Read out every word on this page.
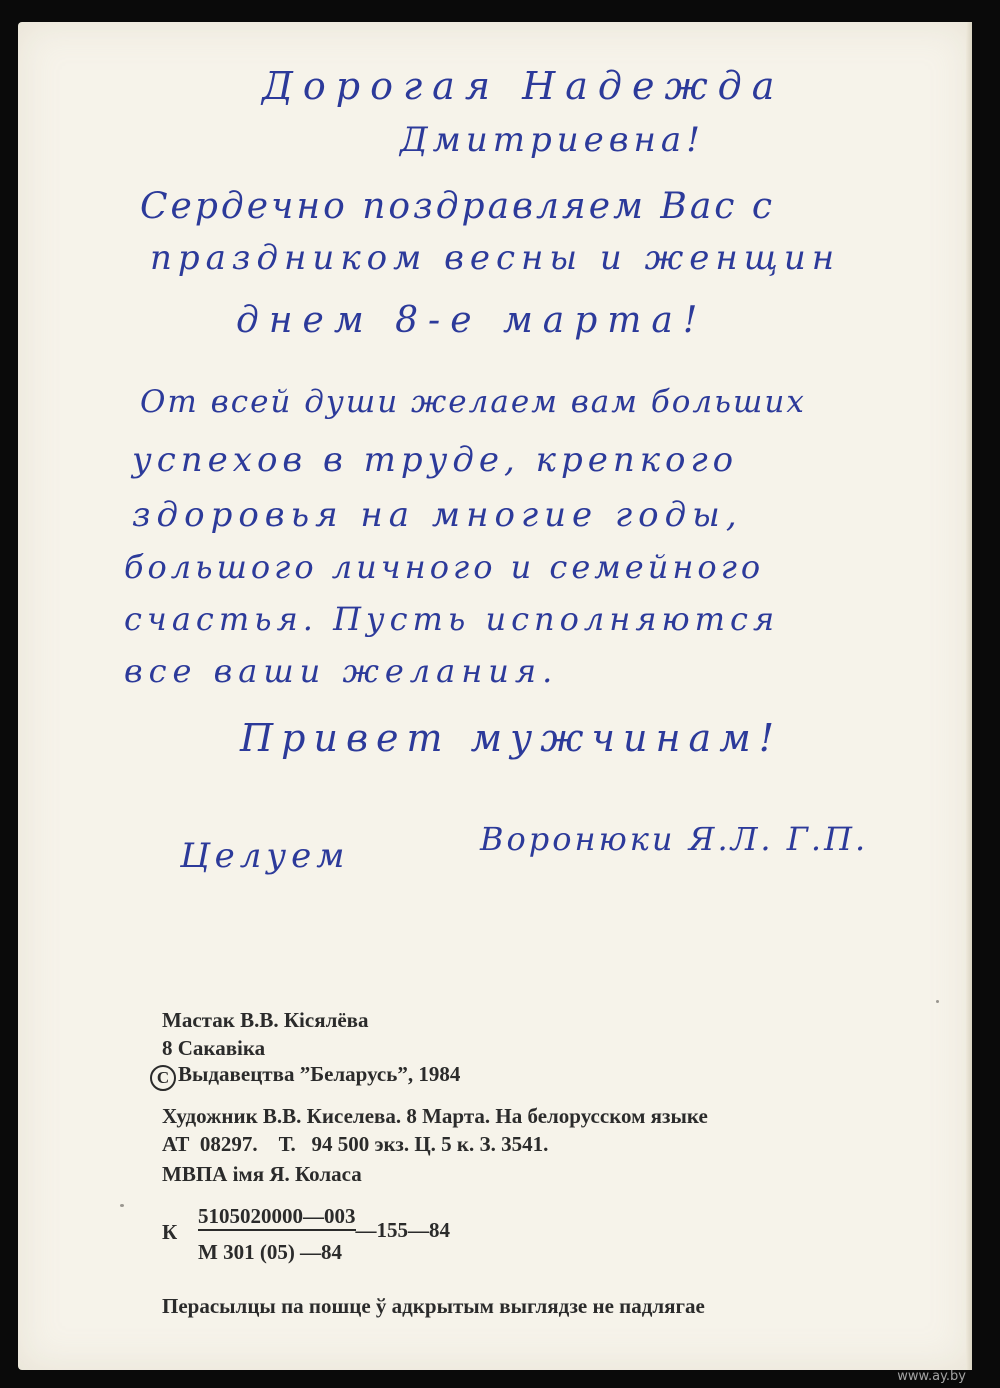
Дорогая Надежда

Дмитриевна!

Сердечно поздравляем Вас с

праздником весны и женщин

днем 8-е марта!

От всей души желаем вам больших

успехов в труде, крепкого

здоровья на многие годы,

большого личного и семейного

счастья. Пусть исполняются

все ваши желания.

Привет мужчинам!

Целуем	Воронюки Я.Л. Г.П.

Мастак В.В. Кісялёва

8 Сакавіка

C Выдавецтва ”Беларусь”, 1984

Художник В.В. Киселева. 8 Марта. На белорусском языке

АТ  08297.    Т.   94 500 экз. Ц. 5 к. З. 3541.

МВПА імя Я. Коласа

К
5105020000—003—155—84
М 301 (05) —84

Перасылцы па пошце ў адкрытым выглядзе не падлягае

www.ay.by
